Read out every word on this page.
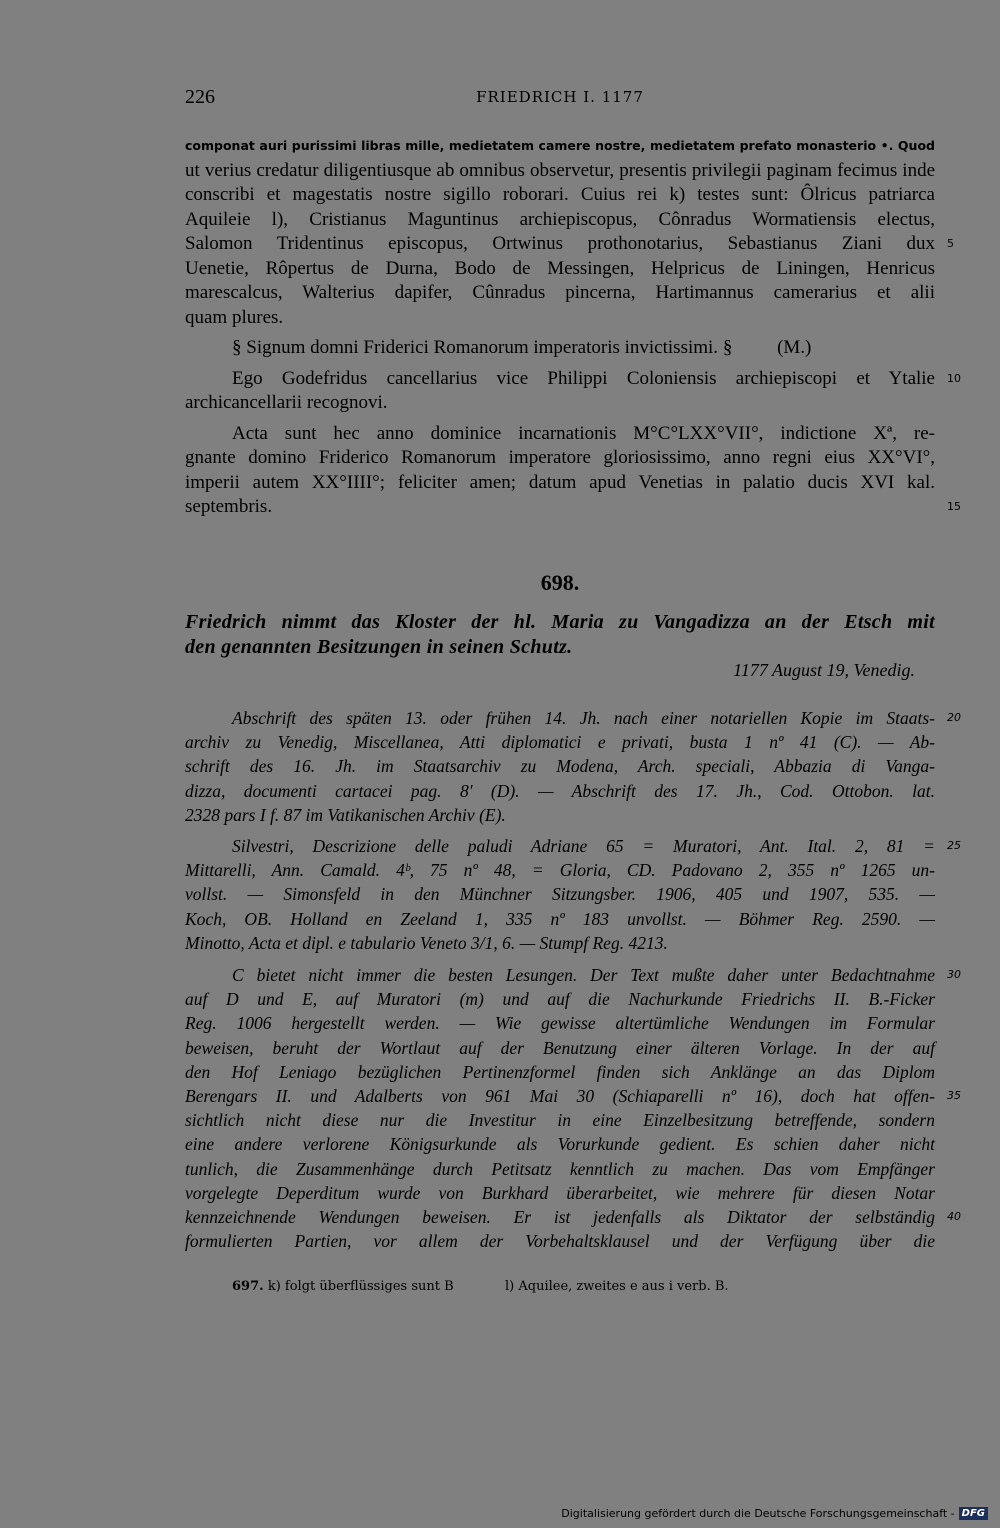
226	FRIEDRICH I. 1177
componat auri purissimi libras mille, medietatem camere nostre, medietatem prefato monasterio •. Quod
ut verius credatur diligentiusque ab omnibus observetur, presentis privilegii paginam fecimus inde
conscribi et magestatis nostre sigillo roborari. Cuius rei k) testes sunt: Ôlricus patriarca
Aquileie l), Cristianus Maguntinus archiepiscopus, Cônradus Wormatiensis electus,
Salomon Tridentinus episcopus, Ortwinus prothonotarius, Sebastianus Ziani dux 5
Uenetie, Rôpertus de Durna, Bodo de Messingen, Helpricus de Liningen, Henricus
marescalcus, Walterius dapifer, Cûnradus pincerna, Hartimannus camerarius et alii
quam plures.
§ Signum domni Friderici Romanorum imperatoris invictissimi. § (M.)
Ego Godefridus cancellarius vice Philippi Coloniensis archiepiscopi et Ytalie 10
archicancellarii recognovi.
Acta sunt hec anno dominice incarnationis M°C°LXX°VII°, indictione Xª, re-
gnante domino Friderico Romanorum imperatore gloriosissimo, anno regni eius XX°VI°,
imperii autem XX°IIII°; feliciter amen; datum apud Venetias in palatio ducis XVI kal.
septembris.	15
698.
Friedrich nimmt das Kloster der hl. Maria zu Vangadizza an der Etsch mit
den genannten Besitzungen in seinen Schutz.
1177 August 19, Venedig.
Abschrift des späten 13. oder frühen 14. Jh. nach einer notariellen Kopie im Staats- 20
archiv zu Venedig, Miscellanea, Atti diplomatici e privati, busta 1 nº 41 (C). — Ab-
schrift des 16. Jh. im Staatsarchiv zu Modena, Arch. speciali, Abbazia di Vanga-
dizza, documenti cartacei pag. 8' (D). — Abschrift des 17. Jh., Cod. Ottobon. lat.
2328 pars I f. 87 im Vatikanischen Archiv (E).
Silvestri, Descrizione delle paludi Adriane 65 = Muratori, Ant. Ital. 2, 81 = 25
Mittarelli, Ann. Camald. 4ᵇ, 75 nº 48, = Gloria, CD. Padovano 2, 355 nº 1265 un-
vollst. — Simonsfeld in den Münchner Sitzungsber. 1906, 405 und 1907, 535. —
Koch, OB. Holland en Zeeland 1, 335 nº 183 unvollst. — Böhmer Reg. 2590. —
Minotto, Acta et dipl. e tabulario Veneto 3/1, 6. — Stumpf Reg. 4213.
C bietet nicht immer die besten Lesungen. Der Text mußte daher unter Bedachtnahme 30
auf D und E, auf Muratori (m) und auf die Nachurkunde Friedrichs II. B.-Ficker
Reg. 1006 hergestellt werden. — Wie gewisse altertümliche Wendungen im Formular
beweisen, beruht der Wortlaut auf der Benutzung einer älteren Vorlage. In der auf
den Hof Leniago bezüglichen Pertinenzformel finden sich Anklänge an das Diplom
Berengars II. und Adalberts von 961 Mai 30 (Schiaparelli nº 16), doch hat offen- 35
sichtlich nicht diese nur die Investitur in eine Einzelbesitzung betreffende, sondern
eine andere verlorene Königsurkunde als Vorurkunde gedient. Es schien daher nicht
tunlich, die Zusammenhänge durch Petitsatz kenntlich zu machen. Das vom Empfänger
vorgelegte Deperditum wurde von Burkhard überarbeitet, wie mehrere für diesen Notar
kennzeichnende Wendungen beweisen. Er ist jedenfalls als Diktator der selbständig 40
formulierten Partien, vor allem der Vorbehaltsklausel und der Verfügung über die
697. k) folgt überflüssiges sunt B	l) Aquilee, zweites e aus i verb. B.
Digitalisierung gefördert durch die Deutsche Forschungsgemeinschaft - DFG
